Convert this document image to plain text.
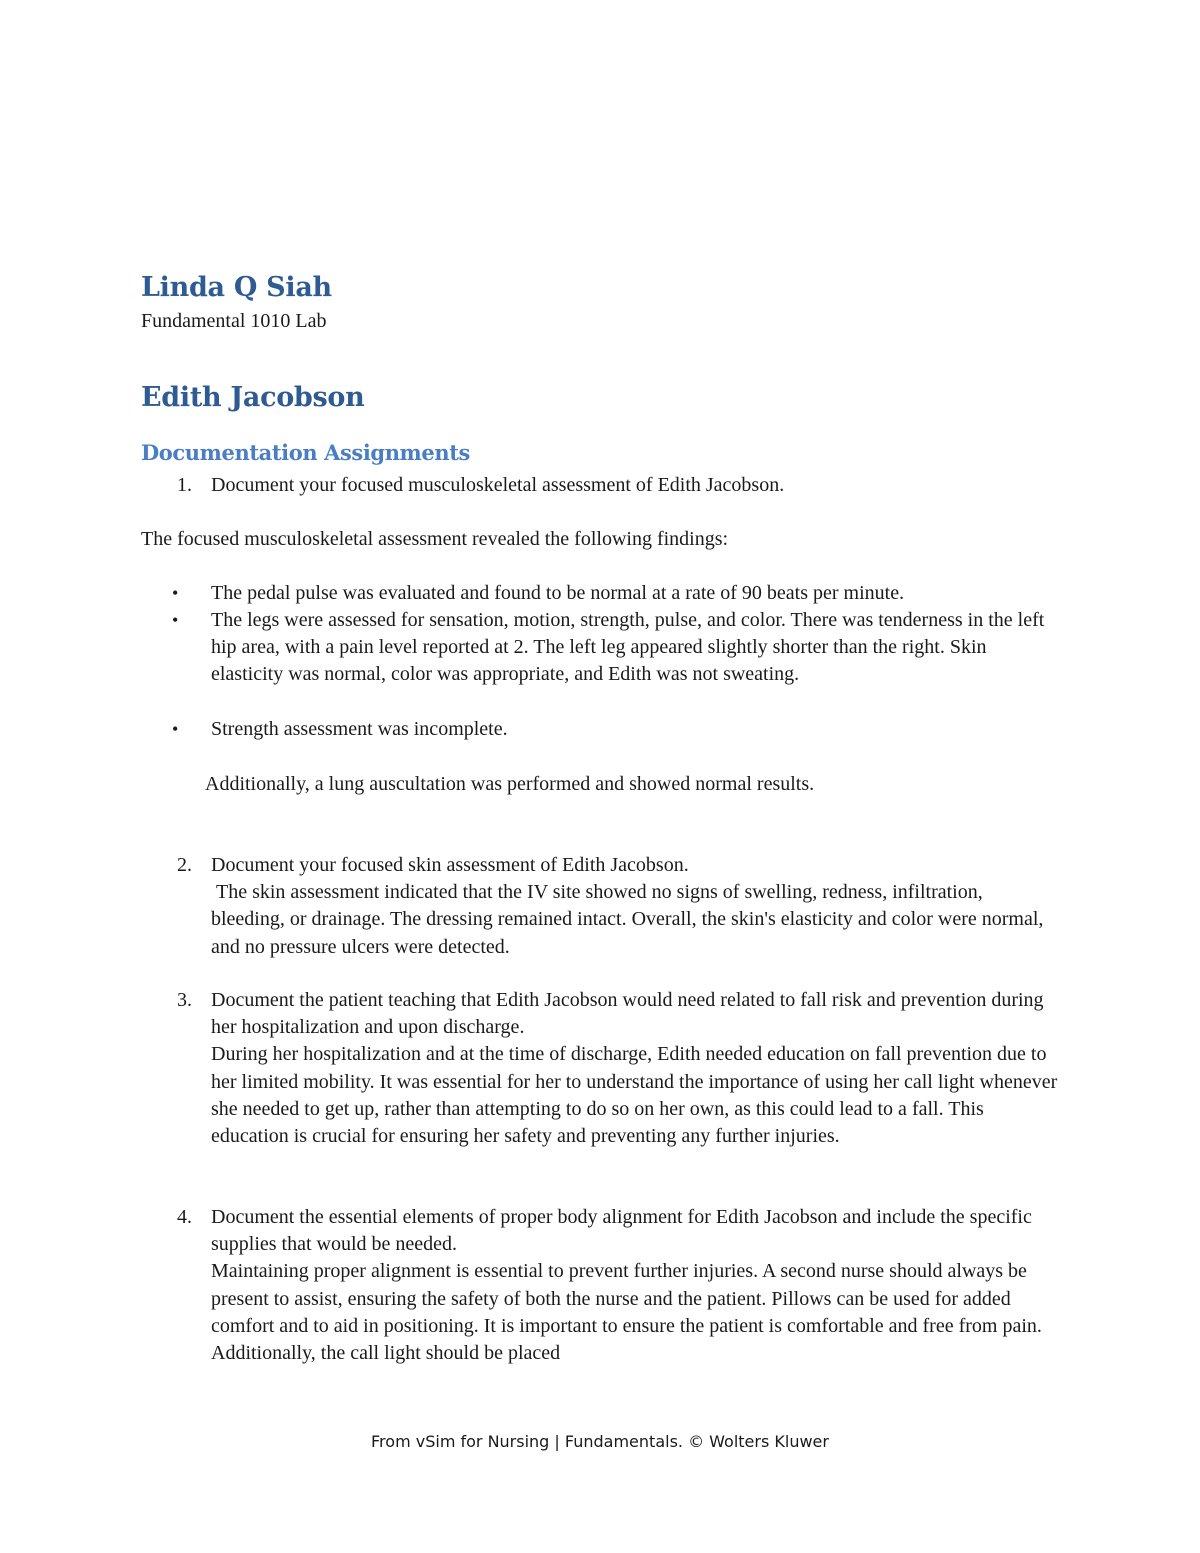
Linda Q Siah

Fundamental 1010 Lab

Edith Jacobson
Documentation Assignments
1. Document your focused musculoskeletal assessment of Edith Jacobson.

The focused musculoskeletal assessment revealed the following findings:

• The pedal pulse was evaluated and found to be normal at a rate of 90 beats per minute.

• The legs were assessed for sensation, motion, strength, pulse, and color. There was tenderness in the left hip area, with a pain level reported at 2. The left leg appeared slightly shorter than the right. Skin elasticity was normal, color was appropriate, and Edith was not sweating.

• Strength assessment was incomplete.

Additionally, a lung auscultation was performed and showed normal results.

2. Document your focused skin assessment of Edith Jacobson.

The skin assessment indicated that the IV site showed no signs of swelling, redness, infiltration, bleeding, or drainage. The dressing remained intact. Overall, the skin's elasticity and color were normal, and no pressure ulcers were detected.

3. Document the patient teaching that Edith Jacobson would need related to fall risk and prevention during her hospitalization and upon discharge.

During her hospitalization and at the time of discharge, Edith needed education on fall prevention due to her limited mobility. It was essential for her to understand the importance of using her call light whenever she needed to get up, rather than attempting to do so on her own, as this could lead to a fall. This education is crucial for ensuring her safety and preventing any further injuries.

4. Document the essential elements of proper body alignment for Edith Jacobson and include the specific supplies that would be needed.

Maintaining proper alignment is essential to prevent further injuries. A second nurse should always be present to assist, ensuring the safety of both the nurse and the patient. Pillows can be used for added comfort and to aid in positioning. It is important to ensure the patient is comfortable and free from pain. Additionally, the call light should be placed

From vSim for Nursing | Fundamentals. © Wolters Kluwer
